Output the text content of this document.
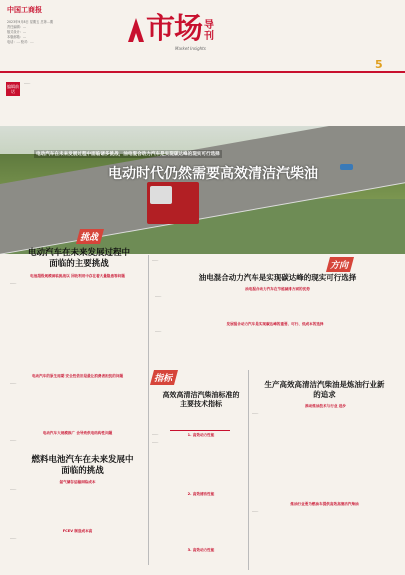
中国工商报
2023年9月8日 星期五 总第…期
责任编辑：…
版式设计：…
本版邮箱：…
电话：… 校对：…	市场 导刊
Market Insights
5
编辑前话
……
电动汽车在未来发展过程中面临诸多挑战，油电混合动力汽车是实现碳达峰的现实可行选择
电动时代仍然需要高效清洁汽柴油
挑战
电动汽车在未来发展过程中面临的主要挑战
电池超级规模面临挑战以 回收利用中存在着大量隐患等问题
……
电动汽车的原生周期 安全性依旧是最让消费者担忧的问题
……
电动汽车大规模推广 会导致供电结构性问题
……
……
方向
油电混合动力汽车是实现碳达峰的现实可行选择
油电混合动力汽车在节能减排方面的优势
……
发展混合动力汽车是实现碳达峰的重要、可行、低成本的选择
……
燃料电池汽车在未来发展中面临的挑战
氢气储存运输面临成本
……
FCEV 制造成本高
……
……
指标
高效高清洁汽柴油标准的主要技术指标
1. 高效动力性能
……
2. 高效清洁性能
3. 高效动力性能
生产高效高清洁汽柴油是炼油行业新的追求
推动炼油技术与行业 进步
……
炼油行业要为燃油车提供高效高清洁汽柴油
……
